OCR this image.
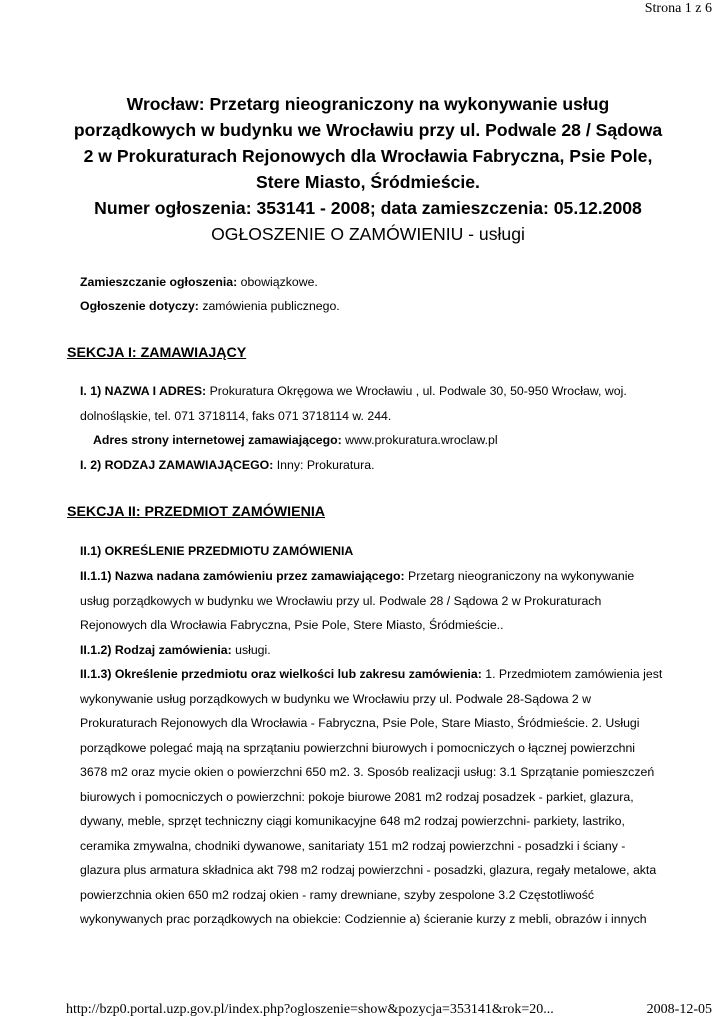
Strona 1 z 6
Wrocław: Przetarg nieograniczony na wykonywanie usług
porządkowych w budynku we Wrocławiu przy ul. Podwale 28 / Sądowa
2 w Prokuraturach Rejonowych dla Wrocławia Fabryczna, Psie Pole,
Stere Miasto, Śródmieście.
Numer ogłoszenia: 353141 - 2008; data zamieszczenia: 05.12.2008
OGŁOSZENIE O ZAMÓWIENIU - usługi
Zamieszczanie ogłoszenia: obowiązkowe.
Ogłoszenie dotyczy: zamówienia publicznego.
SEKCJA I: ZAMAWIAJĄCY
I. 1) NAZWA I ADRES: Prokuratura Okręgowa we Wrocławiu , ul. Podwale 30, 50-950 Wrocław, woj.
dolnośląskie, tel. 071 3718114, faks 071 3718114 w. 244.
Adres strony internetowej zamawiającego: www.prokuratura.wroclaw.pl
I. 2) RODZAJ ZAMAWIAJĄCEGO: Inny: Prokuratura.
SEKCJA II: PRZEDMIOT ZAMÓWIENIA
II.1) OKREŚLENIE PRZEDMIOTU ZAMÓWIENIA
II.1.1) Nazwa nadana zamówieniu przez zamawiającego: Przetarg nieograniczony na wykonywanie
usług porządkowych w budynku we Wrocławiu przy ul. Podwale 28 / Sądowa 2 w Prokuraturach
Rejonowych dla Wrocławia Fabryczna, Psie Pole, Stere Miasto, Śródmieście..
II.1.2) Rodzaj zamówienia: usługi.
II.1.3) Określenie przedmiotu oraz wielkości lub zakresu zamówienia: 1. Przedmiotem zamówienia jest
wykonywanie usług porządkowych w budynku we Wrocławiu przy ul. Podwale 28-Sądowa 2 w
Prokuraturach Rejonowych dla Wrocławia - Fabryczna, Psie Pole, Stare Miasto, Śródmieście. 2. Usługi
porządkowe polegać mają na sprzątaniu powierzchni biurowych i pomocniczych o łącznej powierzchni
3678 m2 oraz mycie okien o powierzchni 650 m2. 3. Sposób realizacji usług: 3.1 Sprzątanie pomieszczeń
biurowych i pomocniczych o powierzchni: pokoje biurowe 2081 m2 rodzaj posadzek - parkiet, glazura,
dywany, meble, sprzęt techniczny ciągi komunikacyjne 648 m2 rodzaj powierzchni- parkiety, lastriko,
ceramika zmywalna, chodniki dywanowe, sanitariaty 151 m2 rodzaj powierzchni - posadzki i ściany -
glazura plus armatura składnica akt 798 m2 rodzaj powierzchni - posadzki, glazura, regały metalowe, akta
powierzchnia okien 650 m2 rodzaj okien - ramy drewniane, szyby zespolone 3.2 Częstotliwość
wykonywanych prac porządkowych na obiekcie: Codziennie a) ścieranie kurzy z mebli, obrazów i innych
http://bzp0.portal.uzp.gov.pl/index.php?ogloszenie=show&pozycja=353141&rok=20...	2008-12-05
